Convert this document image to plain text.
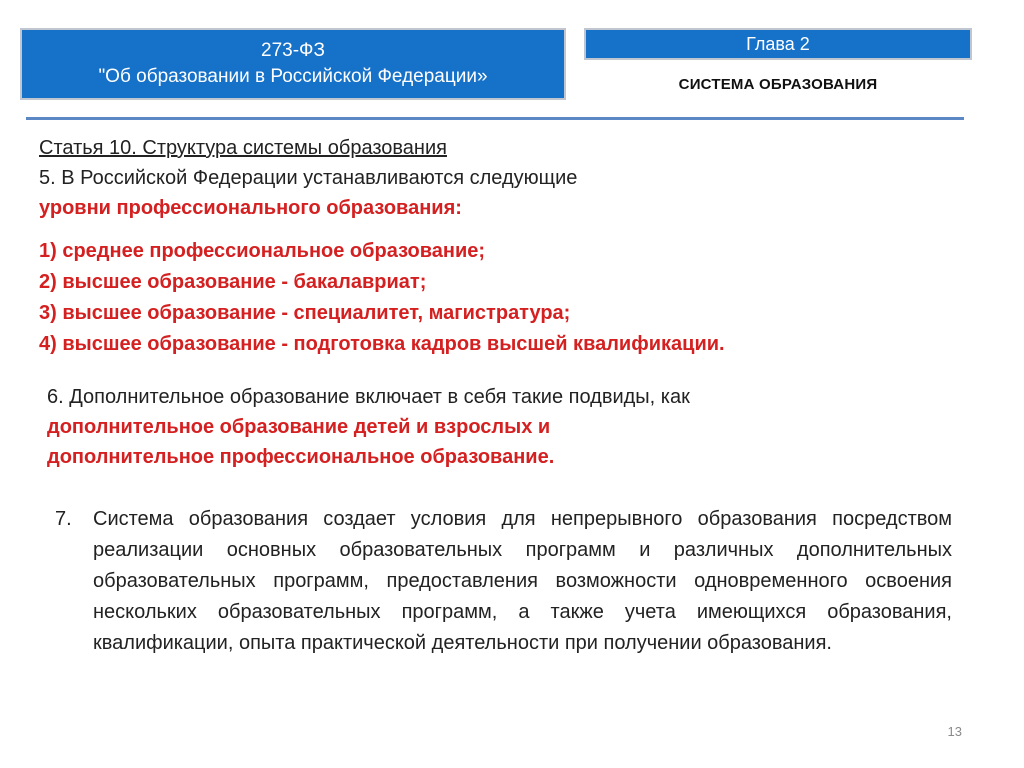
273-ФЗ
"Об образовании в Российской Федерации»
Глава 2
СИСТЕМА ОБРАЗОВАНИЯ
Статья 10. Структура системы образования
5. В Российской Федерации устанавливаются следующие
уровни профессионального образования:
1) среднее профессиональное образование;
2) высшее образование - бакалавриат;
3) высшее образование - специалитет, магистратура;
4) высшее образование - подготовка кадров высшей квалификации.
6. Дополнительное образование включает в себя такие подвиды, как
дополнительное образование детей и взрослых и
дополнительное профессиональное образование.
7. Система образования создает условия для непрерывного образования посредством реализации основных образовательных программ и различных дополнительных образовательных программ, предоставления возможности одновременного освоения нескольких образовательных программ, а также учета имеющихся образования, квалификации, опыта практической деятельности при получении образования.
13
